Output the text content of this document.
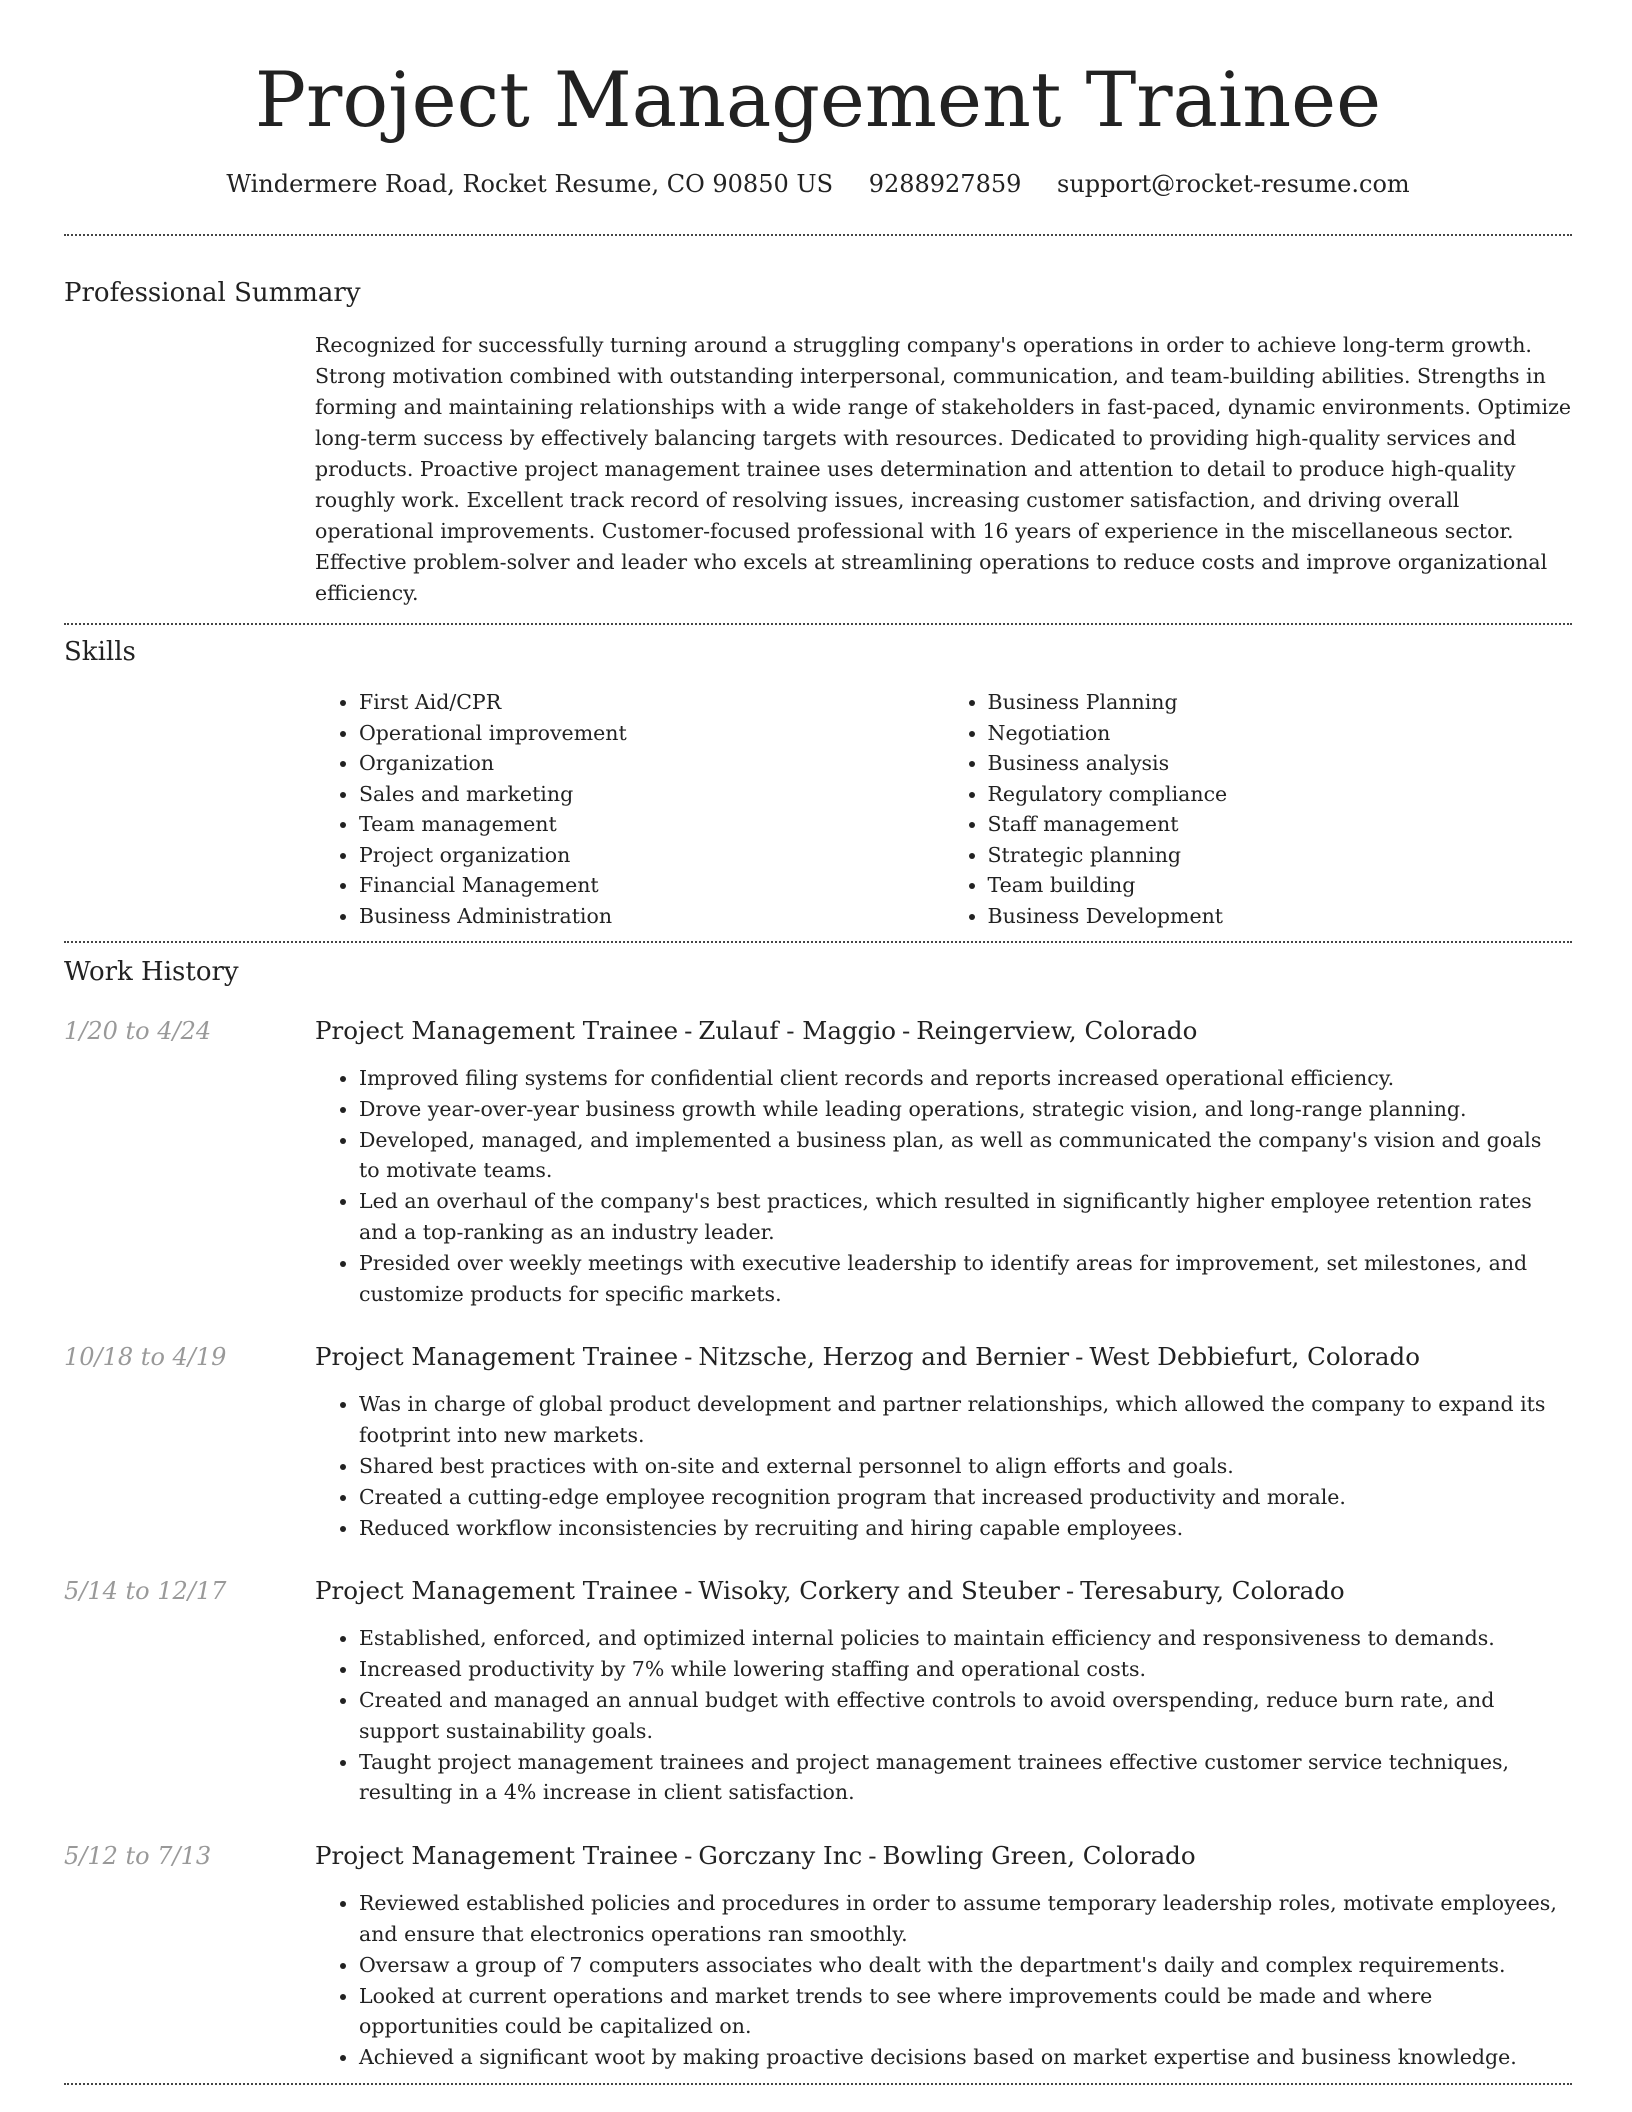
Project Management Trainee
Windermere Road, Rocket Resume, CO 90850 US 9288927859 support@rocket-resume.com
Professional Summary

Recognized for successfully turning around a struggling company's operations in order to achieve long-term growth. Strong motivation combined with outstanding interpersonal, communication, and team-building abilities. Strengths in forming and maintaining relationships with a wide range of stakeholders in fast-paced, dynamic environments. Optimize long-term success by effectively balancing targets with resources. Dedicated to providing high-quality services and products. Proactive project management trainee uses determination and attention to detail to produce high-quality roughly work. Excellent track record of resolving issues, increasing customer satisfaction, and driving overall operational improvements. Customer-focused professional with 16 years of experience in the miscellaneous sector. Effective problem-solver and leader who excels at streamlining operations to reduce costs and improve organizational efficiency.

Skills
• First Aid/CPR
• Operational improvement
• Organization
• Sales and marketing
• Team management
• Project organization
• Financial Management
• Business Administration
• Business Planning
• Negotiation
• Business analysis
• Regulatory compliance
• Staff management
• Strategic planning
• Team building
• Business Development
Work History
1/20 to 4/24	Project Management Trainee - Zulauf - Maggio - Reingerview, Colorado
• Improved filing systems for confidential client records and reports increased operational efficiency.
• Drove year-over-year business growth while leading operations, strategic vision, and long-range planning.
• Developed, managed, and implemented a business plan, as well as communicated the company's vision and goals to motivate teams.
• Led an overhaul of the company's best practices, which resulted in significantly higher employee retention rates and a top-ranking as an industry leader.
• Presided over weekly meetings with executive leadership to identify areas for improvement, set milestones, and customize products for specific markets.
10/18 to 4/19	Project Management Trainee - Nitzsche, Herzog and Bernier - West Debbiefurt, Colorado
• Was in charge of global product development and partner relationships, which allowed the company to expand its footprint into new markets.
• Shared best practices with on-site and external personnel to align efforts and goals.
• Created a cutting-edge employee recognition program that increased productivity and morale.
• Reduced workflow inconsistencies by recruiting and hiring capable employees.
5/14 to 12/17	Project Management Trainee - Wisoky, Corkery and Steuber - Teresabury, Colorado
• Established, enforced, and optimized internal policies to maintain efficiency and responsiveness to demands.
• Increased productivity by 7% while lowering staffing and operational costs.
• Created and managed an annual budget with effective controls to avoid overspending, reduce burn rate, and support sustainability goals.
• Taught project management trainees and project management trainees effective customer service techniques, resulting in a 4% increase in client satisfaction.
5/12 to 7/13	Project Management Trainee - Gorczany Inc - Bowling Green, Colorado
• Reviewed established policies and procedures in order to assume temporary leadership roles, motivate employees, and ensure that electronics operations ran smoothly.
• Oversaw a group of 7 computers associates who dealt with the department's daily and complex requirements.
• Looked at current operations and market trends to see where improvements could be made and where opportunities could be capitalized on.
• Achieved a significant woot by making proactive decisions based on market expertise and business knowledge.
